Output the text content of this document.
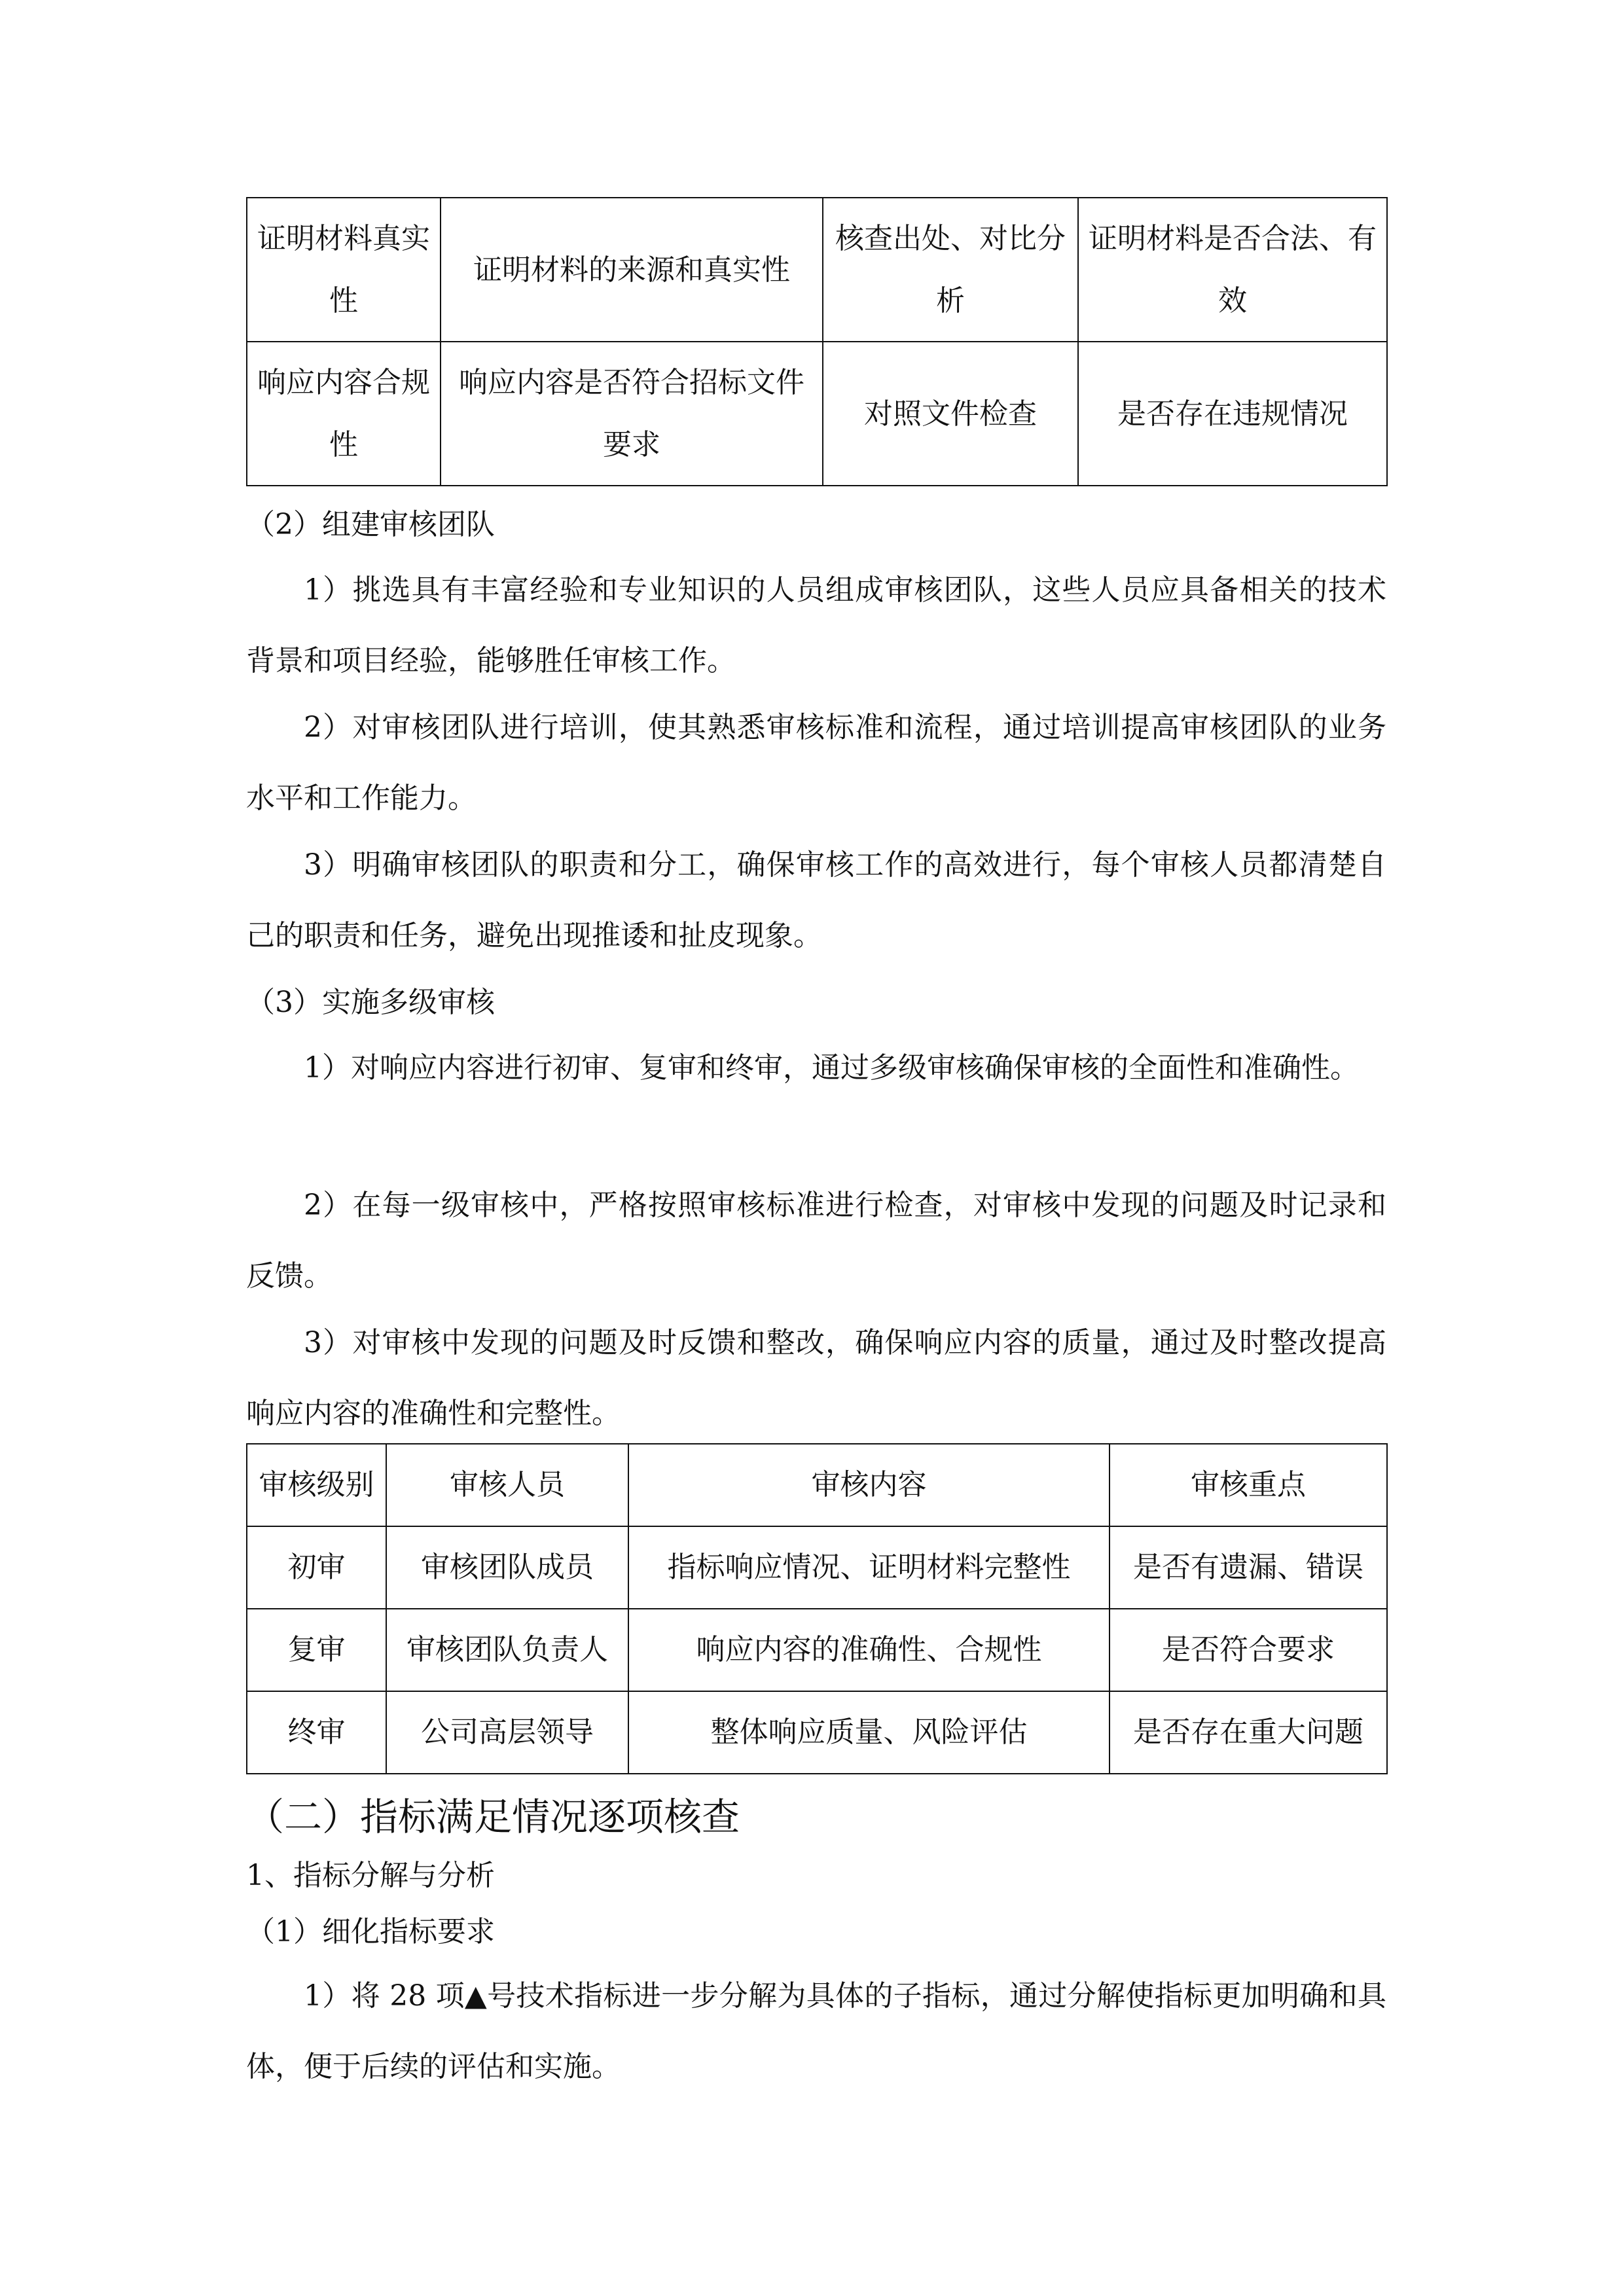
证明材料真实性	证明材料的来源和真实性	核查出处、对比分析	证明材料是否合法、有效

响应内容合规性	响应内容是否符合招标文件要求	对照文件检查	是否存在违规情况
（2）组建审核团队
1）挑选具有丰富经验和专业知识的人员组成审核团队，这些人员应具备相关的技术背景和项目经验，能够胜任审核工作。
2）对审核团队进行培训，使其熟悉审核标准和流程，通过培训提高审核团队的业务水平和工作能力。
3）明确审核团队的职责和分工，确保审核工作的高效进行，每个审核人员都清楚自己的职责和任务，避免出现推诿和扯皮现象。
（3）实施多级审核
1）对响应内容进行初审、复审和终审，通过多级审核确保审核的全面性和准确性。
2）在每一级审核中，严格按照审核标准进行检查，对审核中发现的问题及时记录和反馈。
3）对审核中发现的问题及时反馈和整改，确保响应内容的质量，通过及时整改提高响应内容的准确性和完整性。
审核级别	审核人员	审核内容	审核重点
初审	审核团队成员	指标响应情况、证明材料完整性	是否有遗漏、错误
复审	审核团队负责人	响应内容的准确性、合规性	是否符合要求
终审	公司高层领导	整体响应质量、风险评估	是否存在重大问题
（二）指标满足情况逐项核查
1、指标分解与分析
（1）细化指标要求
1）将 28 项▲号技术指标进一步分解为具体的子指标，通过分解使指标更加明确和具体，便于后续的评估和实施。
